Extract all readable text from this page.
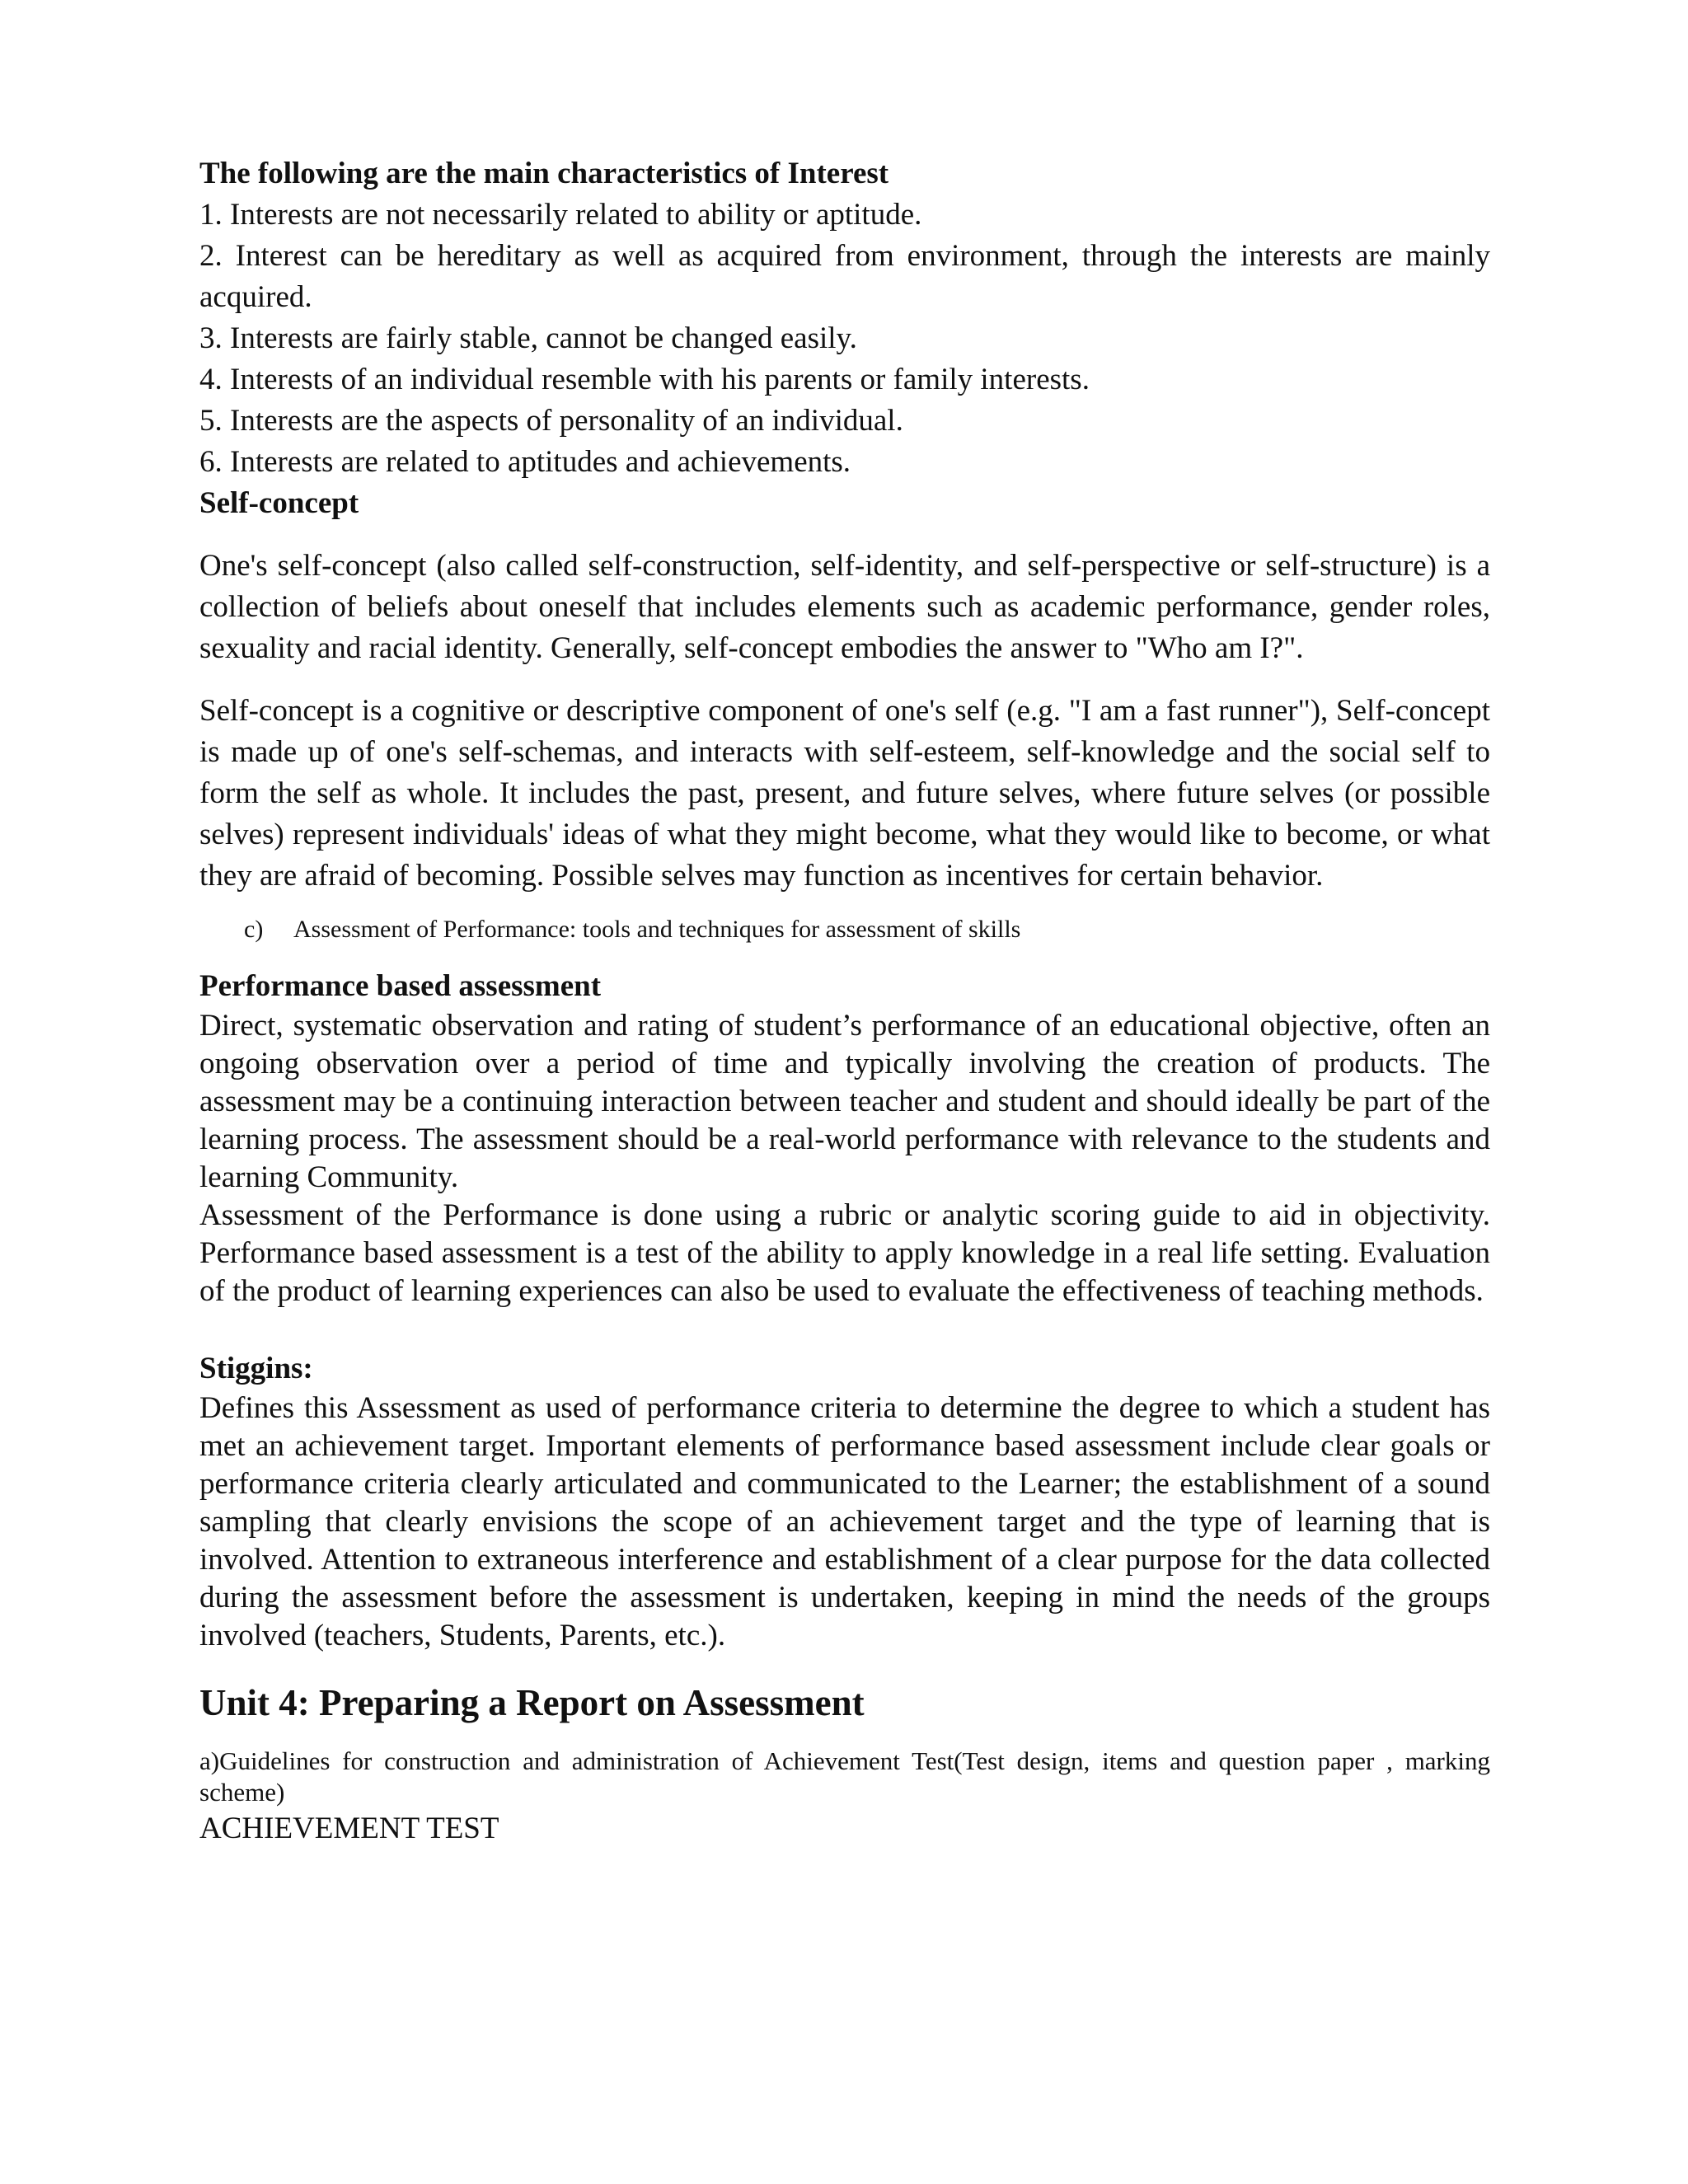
The following are the main characteristics of Interest

1. Interests are not necessarily related to ability or aptitude.

2. Interest can be hereditary as well as acquired from environment, through the interests are mainly acquired.

3. Interests are fairly stable, cannot be changed easily.

4. Interests of an individual resemble with his parents or family interests.

5. Interests are the aspects of personality of an individual.

6. Interests are related to aptitudes and achievements.

Self-concept

One's self-concept (also called self-construction, self-identity, and self-perspective or self-structure) is a collection of beliefs about oneself that includes elements such as academic performance, gender roles, sexuality and racial identity. Generally, self-concept embodies the answer to "Who am I?".

Self-concept is a cognitive or descriptive component of one's self (e.g. "I am a fast runner"), Self-concept is made up of one's self-schemas, and interacts with self-esteem, self-knowledge and the social self to form the self as whole. It includes the past, present, and future selves, where future selves (or possible selves) represent individuals' ideas of what they might become, what they would like to become, or what they are afraid of becoming. Possible selves may function as incentives for certain behavior.

c) Assessment of Performance: tools and techniques for assessment of skills

Performance based assessment

Direct, systematic observation and rating of student’s performance of an educational objective, often an ongoing observation over a period of time and typically involving the creation of products. The assessment may be a continuing interaction between teacher and student and should ideally be part of the learning process. The assessment should be a real-world performance with relevance to the students and learning Community.

Assessment of the Performance is done using a rubric or analytic scoring guide to aid in objectivity. Performance based assessment is a test of the ability to apply knowledge in a real life setting. Evaluation of the product of learning experiences can also be used to evaluate the effectiveness of teaching methods.

Stiggins:

Defines this Assessment as used of performance criteria to determine the degree to which a student has met an achievement target. Important elements of performance based assessment include clear goals or performance criteria clearly articulated and communicated to the Learner; the establishment of a sound sampling that clearly envisions the scope of an achievement target and the type of learning that is involved. Attention to extraneous interference and establishment of a clear purpose for the data collected during the assessment before the assessment is undertaken, keeping in mind the needs of the groups involved (teachers, Students, Parents, etc.).

Unit 4: Preparing a Report on Assessment

a)Guidelines for construction and administration of Achievement Test(Test design, items and question paper , marking scheme)

ACHIEVEMENT TEST
